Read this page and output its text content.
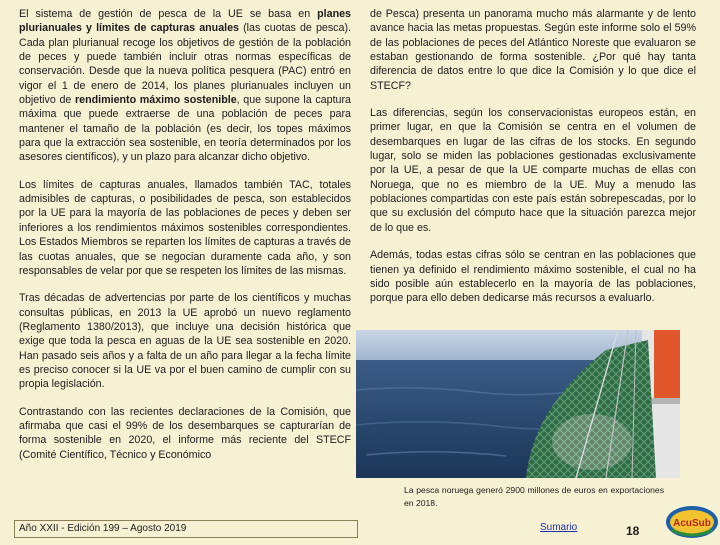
El sistema de gestión de pesca de la UE se basa en planes plurianuales y límites de capturas anuales (las cuotas de pesca). Cada plan plurianual recoge los objetivos de gestión de la población de peces y puede también incluir otras normas específicas de conservación. Desde que la nueva política pesquera (PAC) entró en vigor el 1 de enero de 2014, los planes plurianuales incluyen un objetivo de rendimiento máximo sostenible, que supone la captura máxima que puede extraerse de una población de peces para mantener el tamaño de la población (es decir, los topes máximos para que la extracción sea sostenible, en teoría determinados por los asesores científicos), y un plazo para alcanzar dicho objetivo.

Los límites de capturas anuales, llamados también TAC, totales admisibles de capturas, o posibilidades de pesca, son establecidos por la UE para la mayoría de las poblaciones de peces y deben ser inferiores a los rendimientos máximos sostenibles correspondientes. Los Estados Miembros se reparten los límites de capturas a través de las cuotas anuales, que se negocian duramente cada año, y son responsables de velar por que se respeten los límites de las mismas.

Tras décadas de advertencias por parte de los científicos y muchas consultas públicas, en 2013 la UE aprobó un nuevo reglamento (Reglamento 1380/2013), que incluye una decisión histórica que exige que toda la pesca en aguas de la UE sea sostenible en 2020. Han pasado seis años y a falta de un año para llegar a la fecha límite es preciso conocer si la UE va por el buen camino de cumplir con su propia legislación.

Contrastando con las recientes declaraciones de la Comisión, que afirmaba que casi el 99% de los desembarques se capturarían de forma sostenible en 2020, el informe más reciente del STECF (Comité Científico, Técnico y Económico

de Pesca) presenta un panorama mucho más alarmante y de lento avance hacia las metas propuestas. Según este informe solo el 59% de las poblaciones de peces del Atlántico Noreste que evaluaron se estaban gestionando de forma sostenible. ¿Por qué hay tanta diferencia de datos entre lo que dice la Comisión y lo que dice el STECF?

Las diferencias, según los conservacionistas europeos están, en primer lugar, en que la Comisión se centra en el volumen de desembarques en lugar de las cifras de los stocks. En segundo lugar, solo se miden las poblaciones gestionadas exclusivamente por la UE, a pesar de que la UE comparte muchas de ellas con Noruega, que no es miembro de la UE. Muy a menudo las poblaciones compartidas con este país están sobrepescadas, por lo que su exclusión del cómputo hace que la situación parezca mejor de lo que es.

Además, todas estas cifras sólo se centran en las poblaciones que tienen ya definido el rendimiento máximo sostenible, el cual no ha sido posible aún establecerlo en la mayoría de las poblaciones, porque para ello deben dedicarse más recursos a evaluarlo.

La pesca noruega generó 2900 millones de euros en exportaciones en 2018.
Año XXII - Edición 199 – Agosto 2019	Sumario	18
AcuSub
